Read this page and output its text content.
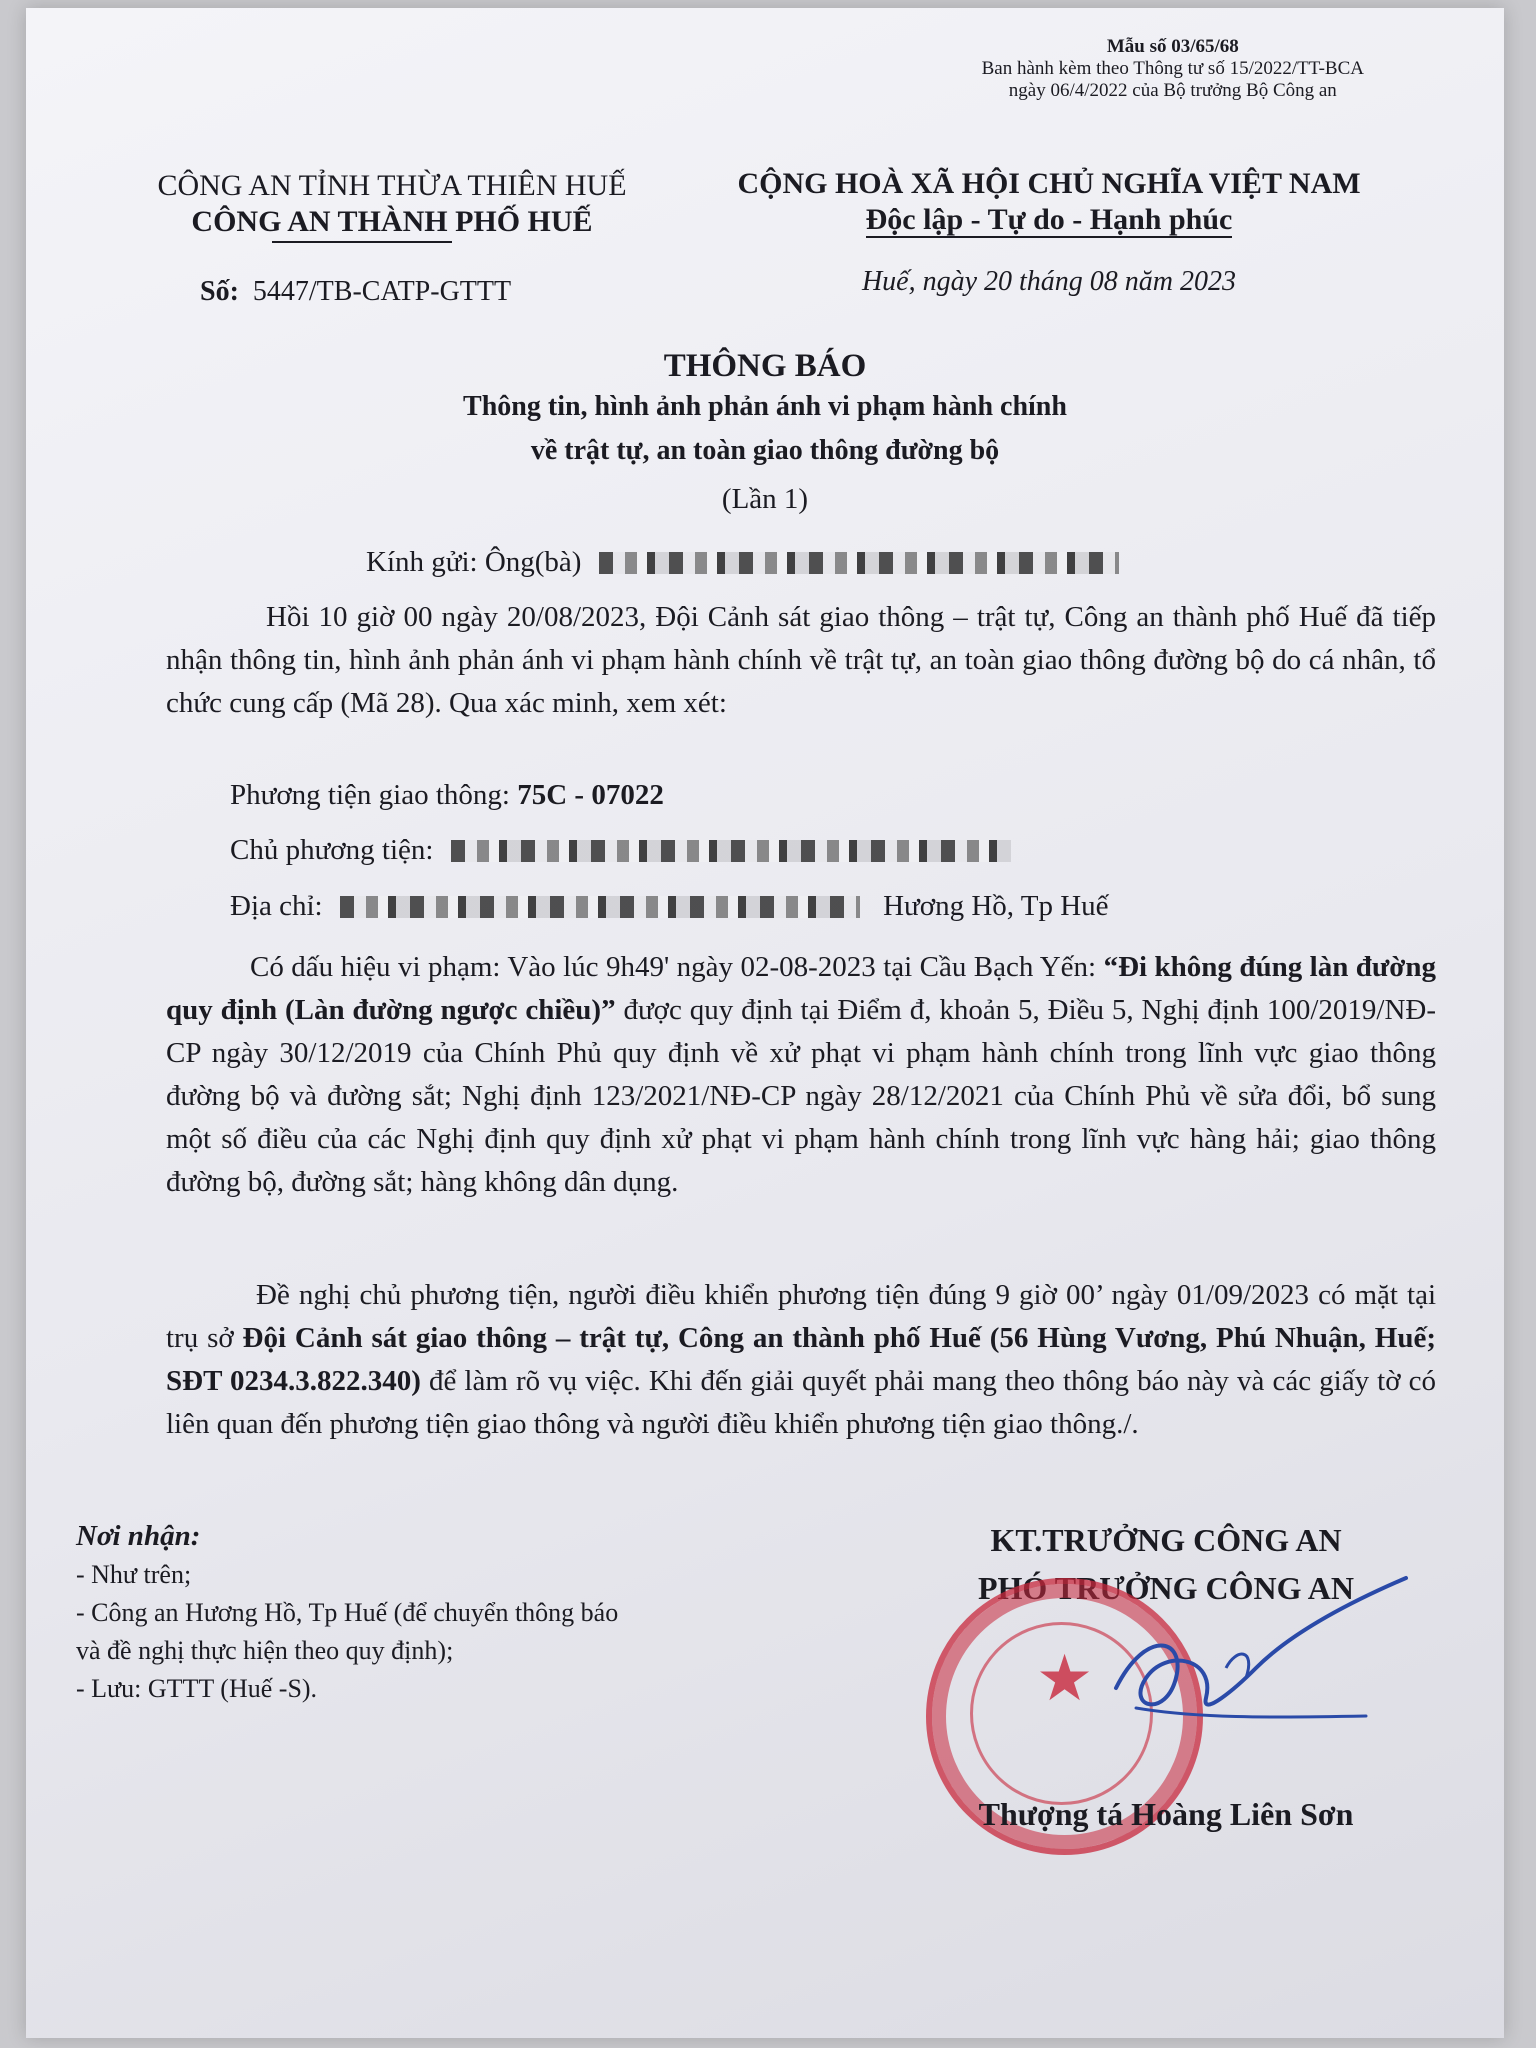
Mẫu số 03/65/68
Ban hành kèm theo Thông tư số 15/2022/TT-BCA
ngày 06/4/2022 của Bộ trưởng Bộ Công an
CÔNG AN TỈNH THỪA THIÊN HUẾ
CÔNG AN THÀNH PHỐ HUẾ
Số: 5447/TB-CATP-GTTT
CỘNG HOÀ XÃ HỘI CHỦ NGHĨA VIỆT NAM
Độc lập - Tự do - Hạnh phúc
Huế, ngày 20 tháng 08 năm 2023
THÔNG BÁO
Thông tin, hình ảnh phản ánh vi phạm hành chính
về trật tự, an toàn giao thông đường bộ
(Lần 1)
Kính gửi: Ông(bà)
Hồi 10 giờ 00 ngày 20/08/2023, Đội Cảnh sát giao thông – trật tự, Công an thành phố Huế đã tiếp nhận thông tin, hình ảnh phản ánh vi phạm hành chính về trật tự, an toàn giao thông đường bộ do cá nhân, tổ chức cung cấp (Mã 28). Qua xác minh, xem xét:
Phương tiện giao thông: 75C - 07022
Chủ phương tiện:
Địa chỉ:	Hương Hồ, Tp Huế
Có dấu hiệu vi phạm: Vào lúc 9h49' ngày 02-08-2023 tại Cầu Bạch Yến: “Đi không đúng làn đường quy định (Làn đường ngược chiều)” được quy định tại Điểm đ, khoản 5, Điều 5, Nghị định 100/2019/NĐ-CP ngày 30/12/2019 của Chính Phủ quy định về xử phạt vi phạm hành chính trong lĩnh vực giao thông đường bộ và đường sắt; Nghị định 123/2021/NĐ-CP ngày 28/12/2021 của Chính Phủ về sửa đổi, bổ sung một số điều của các Nghị định quy định xử phạt vi phạm hành chính trong lĩnh vực hàng hải; giao thông đường bộ, đường sắt; hàng không dân dụng.
Đề nghị chủ phương tiện, người điều khiển phương tiện đúng 9 giờ 00’ ngày 01/09/2023 có mặt tại trụ sở Đội Cảnh sát giao thông – trật tự, Công an thành phố Huế (56 Hùng Vương, Phú Nhuận, Huế; SĐT 0234.3.822.340) để làm rõ vụ việc. Khi đến giải quyết phải mang theo thông báo này và các giấy tờ có liên quan đến phương tiện giao thông và người điều khiển phương tiện giao thông./.
Nơi nhận:
- Như trên;
- Công an Hương Hồ, Tp Huế (để chuyển thông báo
và đề nghị thực hiện theo quy định);
- Lưu: GTTT (Huế -S).
KT.TRƯỞNG CÔNG AN
PHÓ TRƯỞNG CÔNG AN
★
Thượng tá Hoàng Liên Sơn
